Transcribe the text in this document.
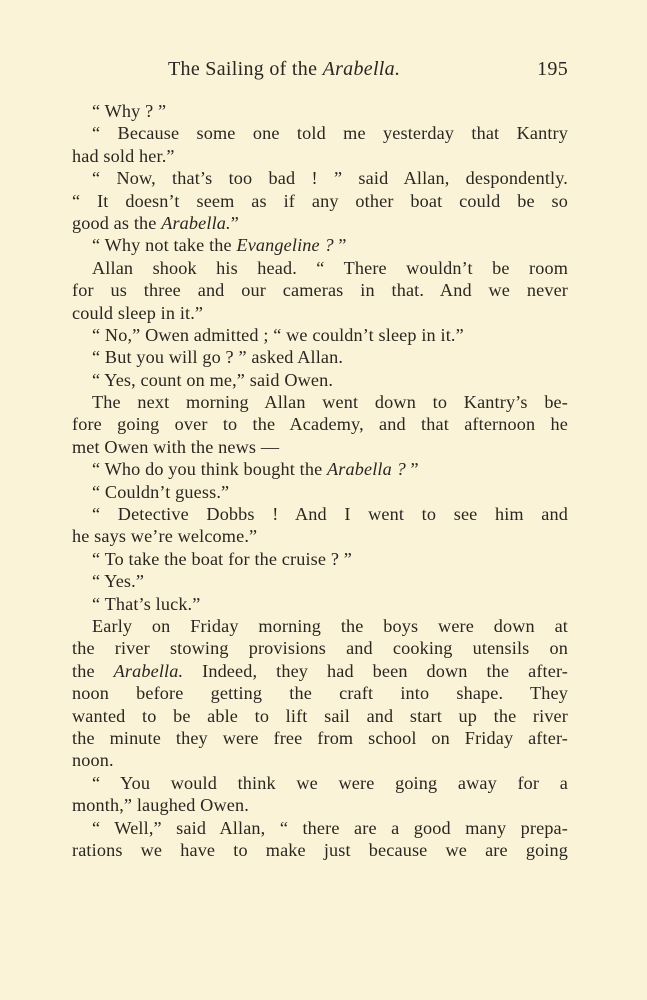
The Sailing of the Arabella.	195
“ Why ? ”
“ Because some one told me yesterday that Kantry
had sold her.”
“ Now, that’s too bad ! ” said Allan, despondently.
“ It doesn’t seem as if any other boat could be so
good as the Arabella.”
“ Why not take the Evangeline ? ”
Allan shook his head. “ There wouldn’t be room
for us three and our cameras in that. And we never
could sleep in it.”
“ No,” Owen admitted ; “ we couldn’t sleep in it.”
“ But you will go ? ” asked Allan.
“ Yes, count on me,” said Owen.
The next morning Allan went down to Kantry’s be-
fore going over to the Academy, and that afternoon he
met Owen with the news —
“ Who do you think bought the Arabella ? ”
“ Couldn’t guess.”
“ Detective Dobbs ! And I went to see him and
he says we’re welcome.”
“ To take the boat for the cruise ? ”
“ Yes.”
“ That’s luck.”
Early on Friday morning the boys were down at
the river stowing provisions and cooking utensils on
the Arabella. Indeed, they had been down the after-
noon before getting the craft into shape. They
wanted to be able to lift sail and start up the river
the minute they were free from school on Friday after-
noon.
“ You would think we were going away for a
month,” laughed Owen.
“ Well,” said Allan, “ there are a good many prepa-
rations we have to make just because we are going
